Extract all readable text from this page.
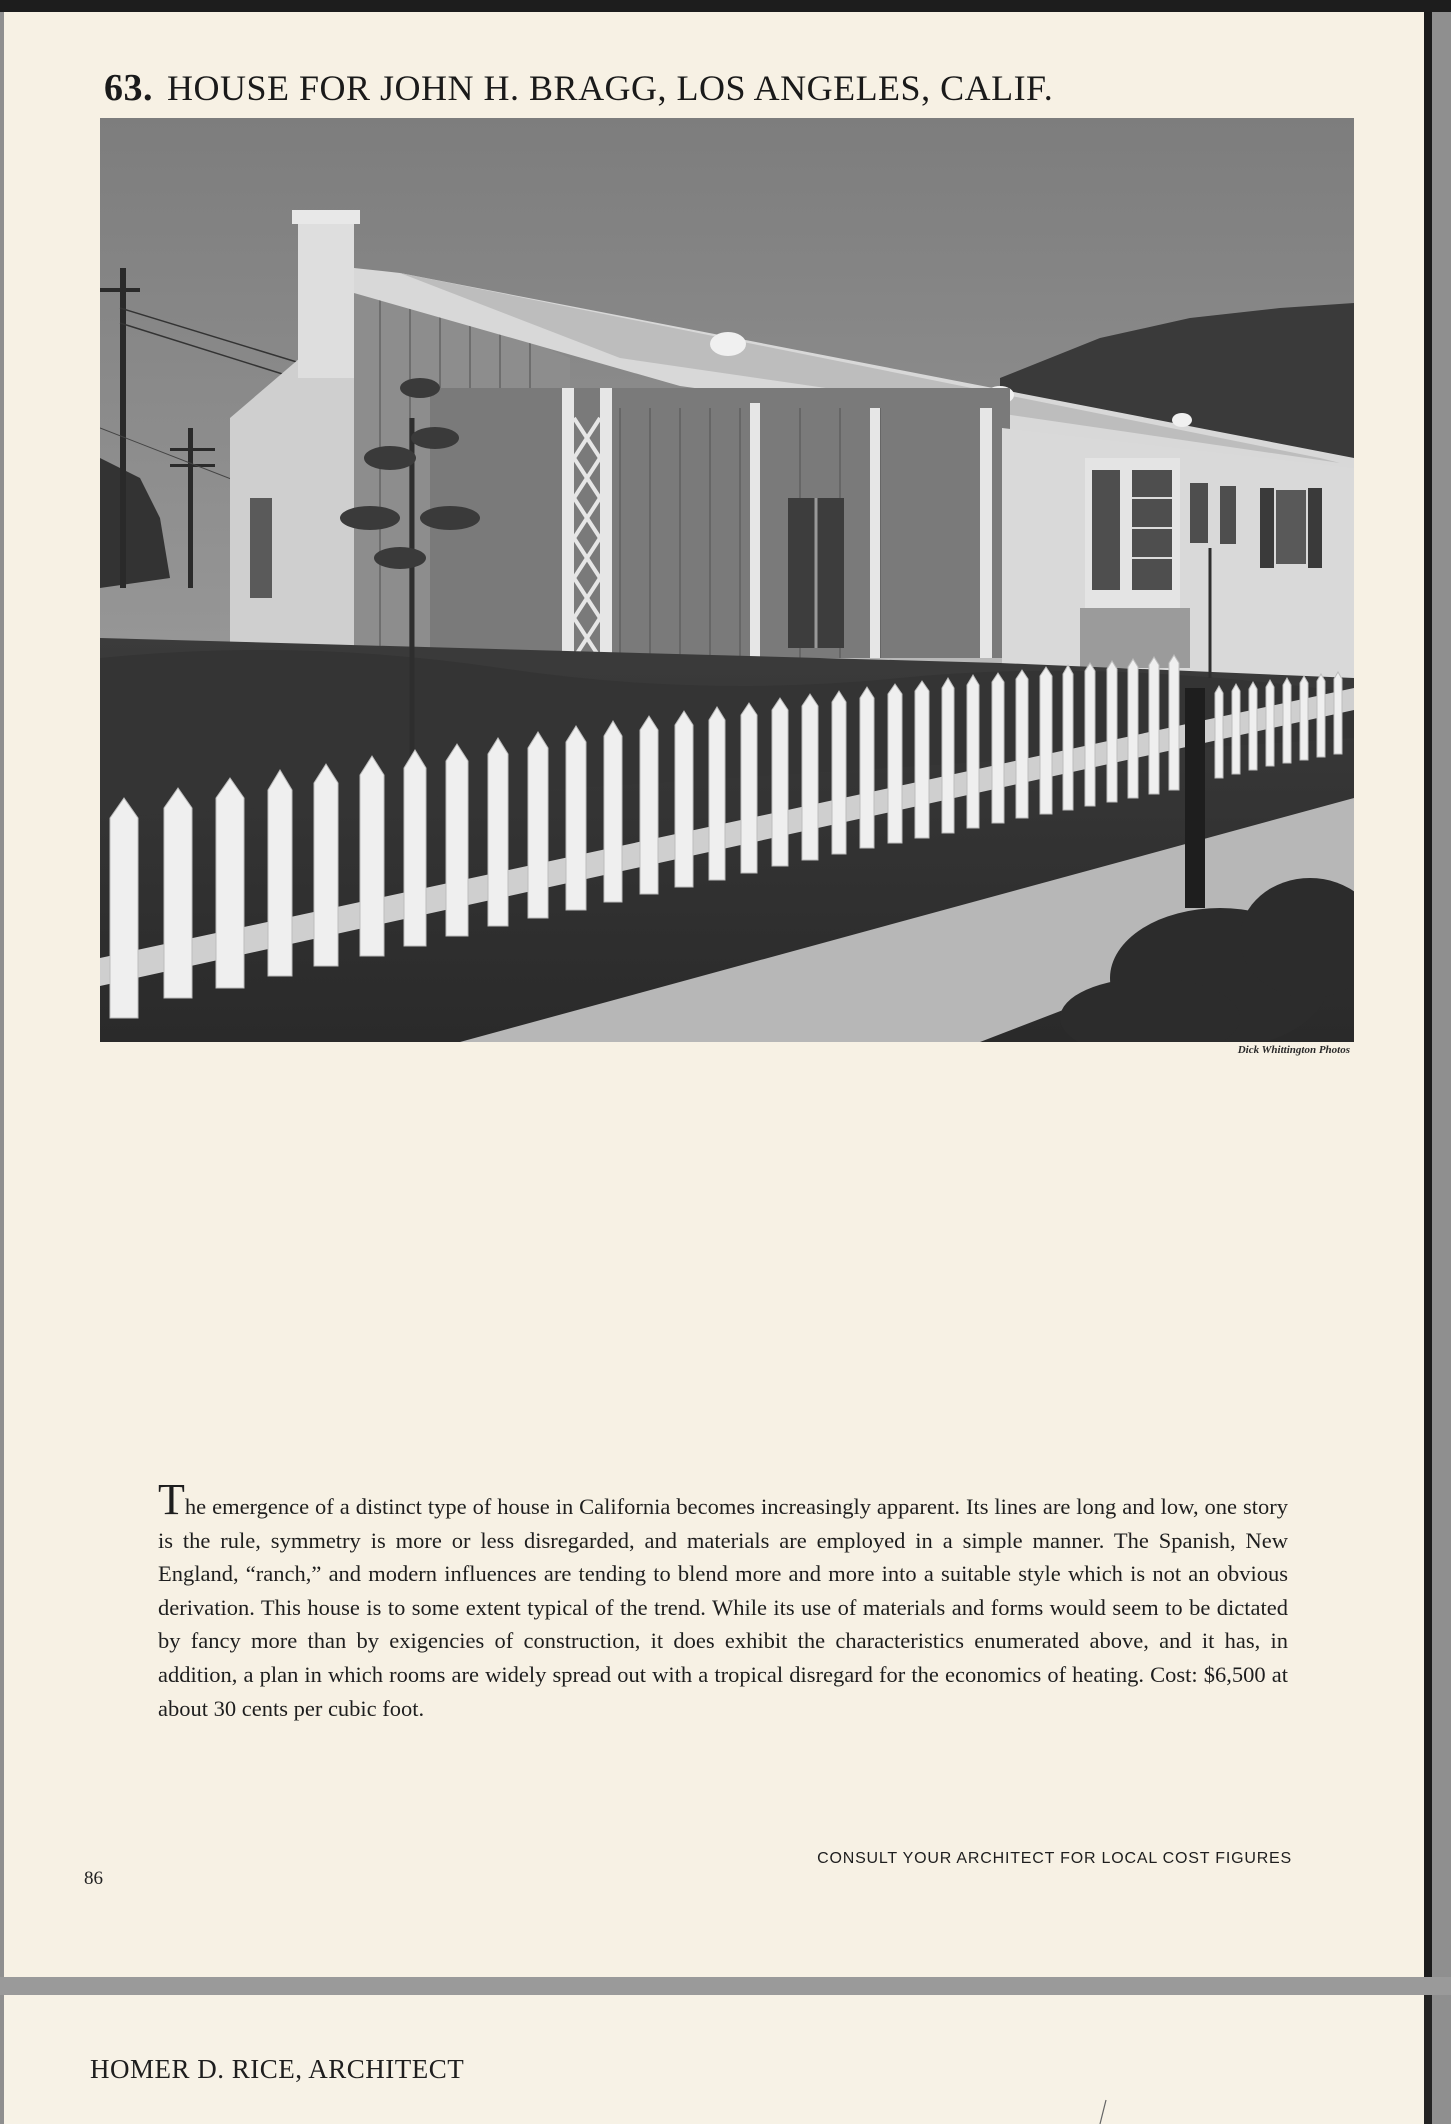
63. HOUSE FOR JOHN H. BRAGG, LOS ANGELES, CALIF.
Dick Whittington Photos
The emergence of a distinct type of house in California becomes increasingly apparent. Its lines are long and low, one story is the rule, symmetry is more or less disregarded, and materials are employed in a simple manner. The Spanish, New England, “ranch,” and modern influences are tending to blend more and more into a suitable style which is not an obvious derivation. This house is to some extent typical of the trend. While its use of materials and forms would seem to be dictated by fancy more than by exigencies of construction, it does exhibit the characteristics enumerated above, and it has, in addition, a plan in which rooms are widely spread out with a tropical disregard for the economics of heating. Cost: $6,500 at about 30 cents per cubic foot.
86
CONSULT YOUR ARCHITECT FOR LOCAL COST FIGURES
HOMER D. RICE, ARCHITECT
